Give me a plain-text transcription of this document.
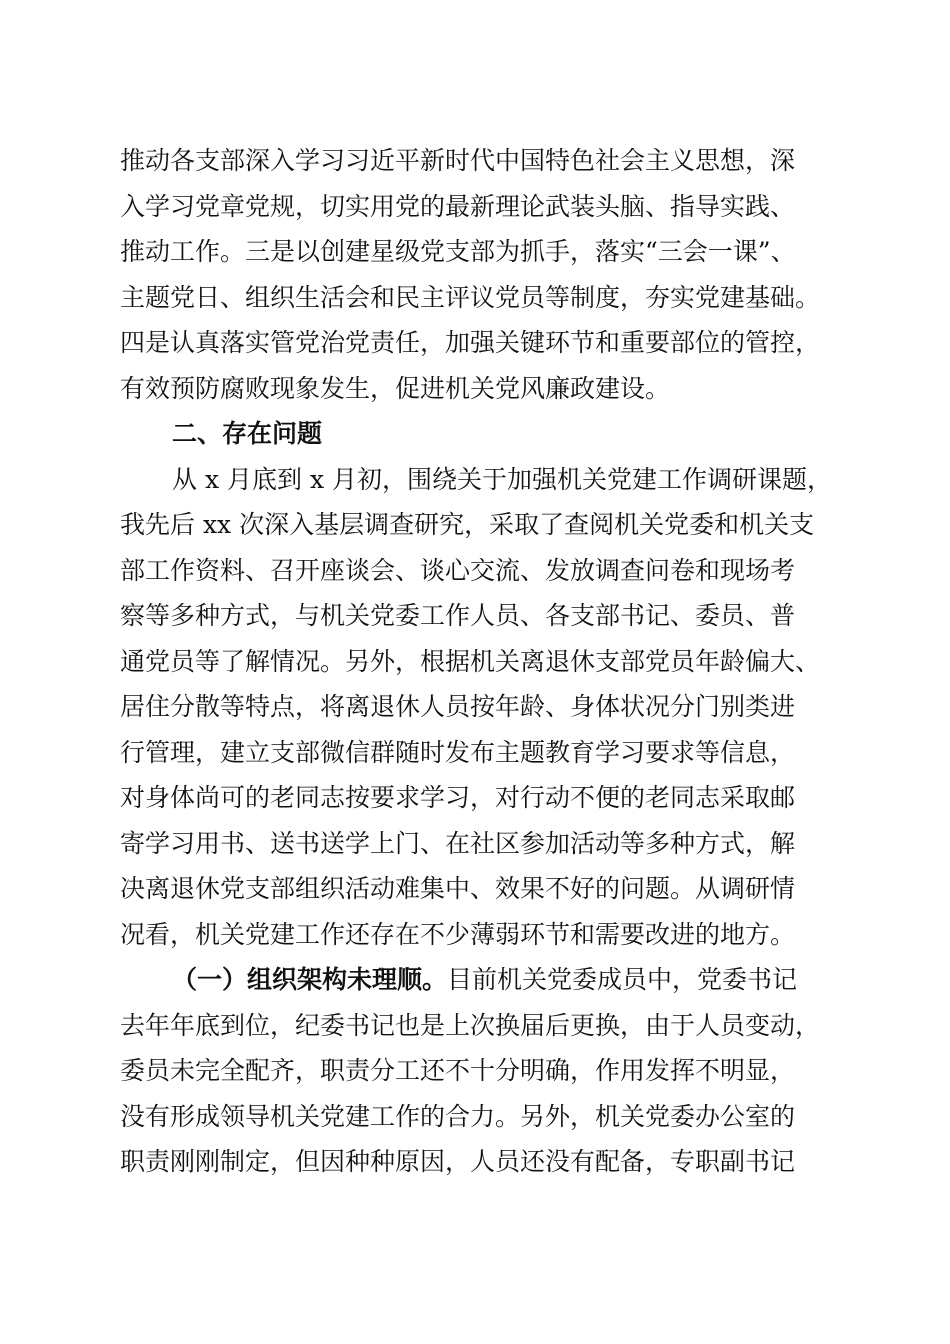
推动各支部深入学习习近平新时代中国特色社会主义思想，深
入学习党章党规，切实用党的最新理论武装头脑、指导实践、
推动工作。三是以创建星级党支部为抓手，落实“三会一课”、
主题党日、组织生活会和民主评议党员等制度，夯实党建基础。
四是认真落实管党治党责任，加强关键环节和重要部位的管控，
有效预防腐败现象发生，促进机关党风廉政建设。
二、存在问题
从 x 月底到 x 月初，围绕关于加强机关党建工作调研课题，
我先后 xx 次深入基层调查研究，采取了查阅机关党委和机关支
部工作资料、召开座谈会、谈心交流、发放调查问卷和现场考
察等多种方式，与机关党委工作人员、各支部书记、委员、普
通党员等了解情况。另外，根据机关离退休支部党员年龄偏大、
居住分散等特点，将离退休人员按年龄、身体状况分门别类进
行管理，建立支部微信群随时发布主题教育学习要求等信息，
对身体尚可的老同志按要求学习，对行动不便的老同志采取邮
寄学习用书、送书送学上门、在社区参加活动等多种方式，解
决离退休党支部组织活动难集中、效果不好的问题。从调研情
况看，机关党建工作还存在不少薄弱环节和需要改进的地方。
（一）组织架构未理顺。目前机关党委成员中，党委书记
去年年底到位，纪委书记也是上次换届后更换，由于人员变动，
委员未完全配齐，职责分工还不十分明确，作用发挥不明显，
没有形成领导机关党建工作的合力。另外，机关党委办公室的
职责刚刚制定，但因种种原因，人员还没有配备，专职副书记
